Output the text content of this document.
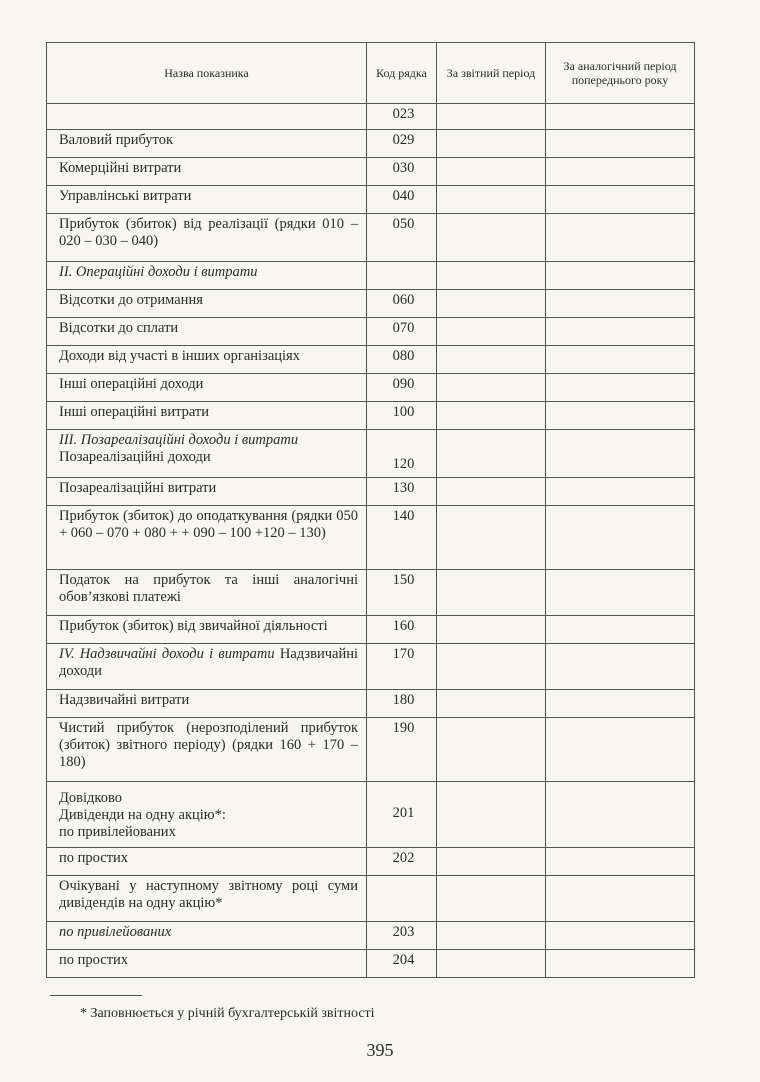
Назва показника	Код рядка	За звітний період	За аналогічний період попереднього року
	023		
Валовий прибуток	029		
Комерційні витрати	030		
Управлінські витрати	040		
Прибуток (збиток) від реалізації (рядки 010 – 020 – 030 – 040)	050		
II. Операційні доходи і витрати			
Відсотки до отримання	060		
Відсотки до сплати	070		
Доходи від участі в інших організаціях	080		
Інші операційні доходи	090		
Інші операційні витрати	100		

III. Позареалізаційні доходи і витрати
Позареалізаційні доходи	120		
Позареалізаційні витрати	130		
Прибуток (збиток) до оподаткування (рядки 050 + 060 – 070 + 080 + + 090 – 100 +120 – 130)	140		
Податок на прибуток та інші аналогічні обов’язкові платежі	150		
Прибуток (збиток) від звичайної діяльності	160		
IV. Надзвичайні доходи і витрати Надзвичайні доходи	170		
Надзвичайні витрати	180		
Чистий прибуток (нерозподілений прибуток (збиток) звітного періоду) (рядки 160 + 170 – 180)	190		

Довідково
Дивіденди на одну акцію*:
по привілейованих	201		
по простих	202		
Очікувані у наступному звітному році суми дивідендів на одну акцію*			
по привілейованих	203		
по простих	204		
* Заповнюється у річній бухгалтерській звітності
395
